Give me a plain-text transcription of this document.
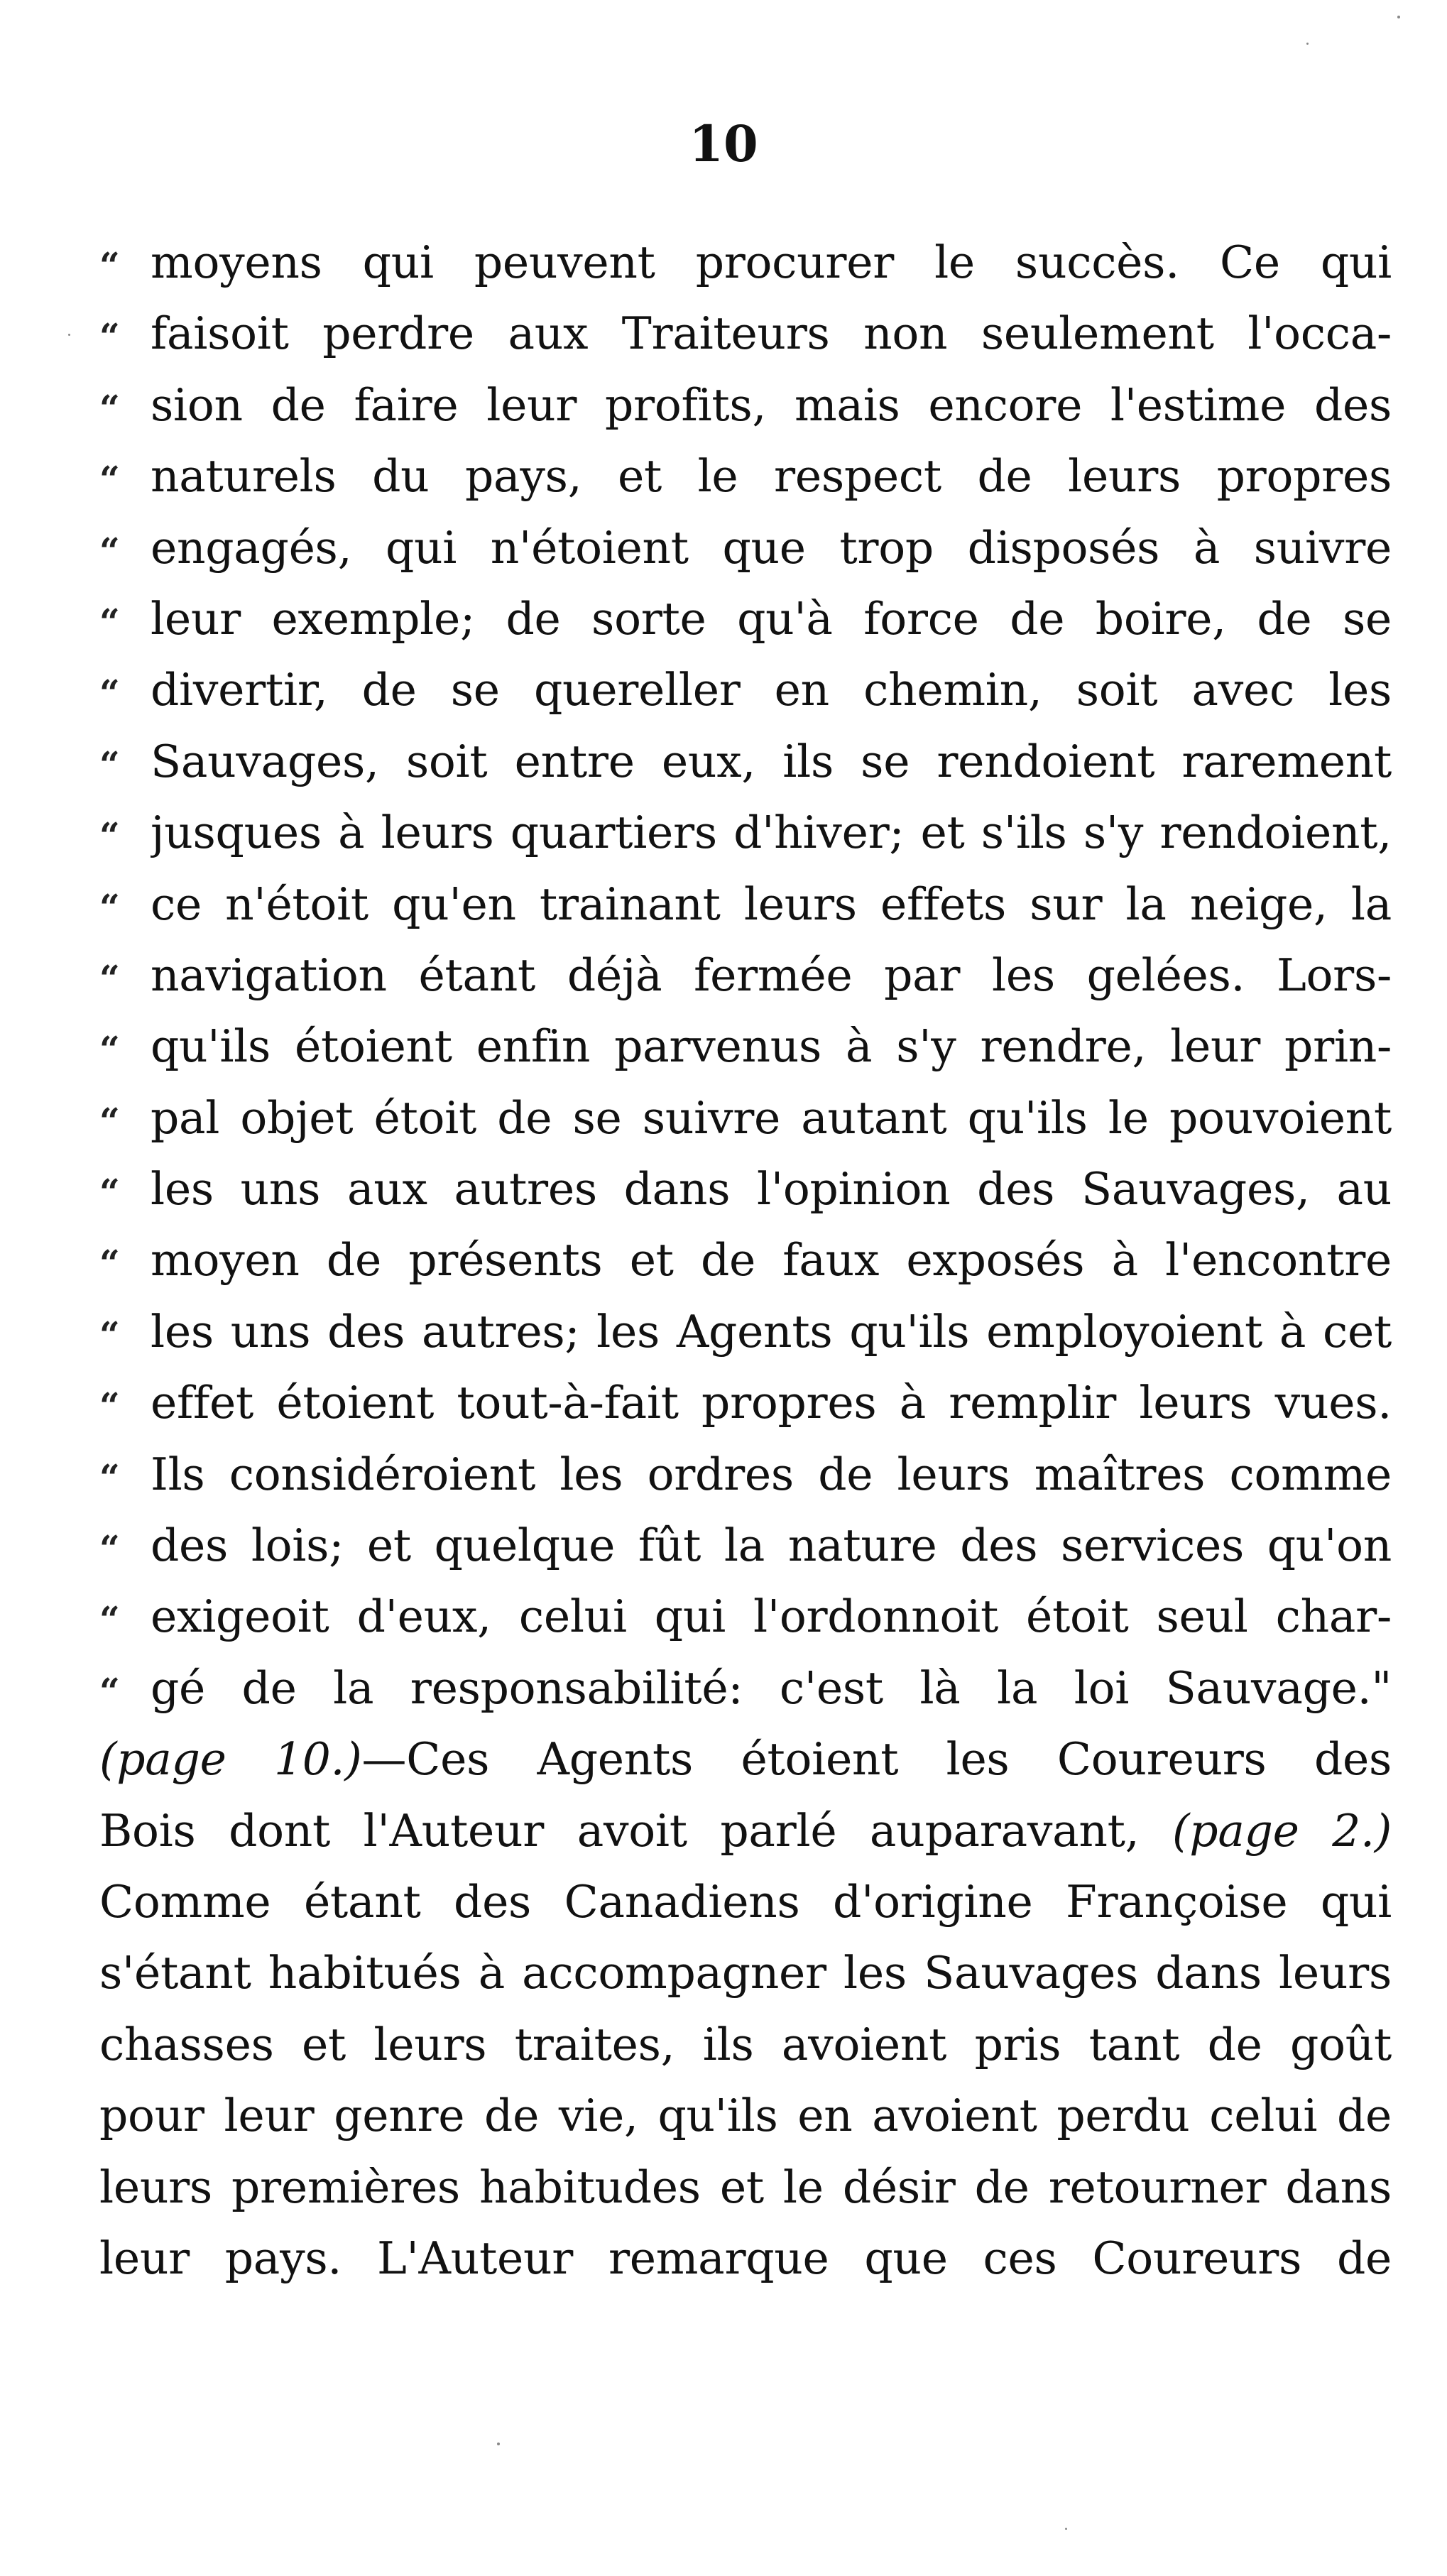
10
“ moyens qui peuvent procurer le succès. Ce qui
“ faisoit perdre aux Traiteurs non seulement l'occa-
“ sion de faire leur profits, mais encore l'estime des
“ naturels du pays, et le respect de leurs propres
“ engagés, qui n'étoient que trop disposés à suivre
“ leur exemple; de sorte qu'à force de boire, de se
“ divertir, de se quereller en chemin, soit avec les
“ Sauvages, soit entre eux, ils se rendoient rarement
“ jusques à leurs quartiers d'hiver; et s'ils s'y rendoient,
“ ce n'étoit qu'en trainant leurs effets sur la neige, la
“ navigation étant déjà fermée par les gelées. Lors-
“ qu'ils étoient enfin parvenus à s'y rendre, leur prin-
“ pal objet étoit de se suivre autant qu'ils le pouvoient
“ les uns aux autres dans l'opinion des Sauvages, au
“ moyen de présents et de faux exposés à l'encontre
“ les uns des autres; les Agents qu'ils employoient à cet
“ effet étoient tout-à-fait propres à remplir leurs vues.
“ Ils considéroient les ordres de leurs maîtres comme
“ des lois; et quelque fût la nature des services qu'on
“ exigeoit d'eux, celui qui l'ordonnoit étoit seul char-
“ gé de la responsabilité: c'est là la loi Sauvage."
(page 10.)—Ces Agents étoient les Coureurs des
Bois dont l'Auteur avoit parlé auparavant, (page 2.)
Comme étant des Canadiens d'origine Françoise qui
s'étant habitués à accompagner les Sauvages dans leurs
chasses et leurs traites, ils avoient pris tant de goût
pour leur genre de vie, qu'ils en avoient perdu celui de
leurs premières habitudes et le désir de retourner dans
leur pays. L'Auteur remarque que ces Coureurs de
